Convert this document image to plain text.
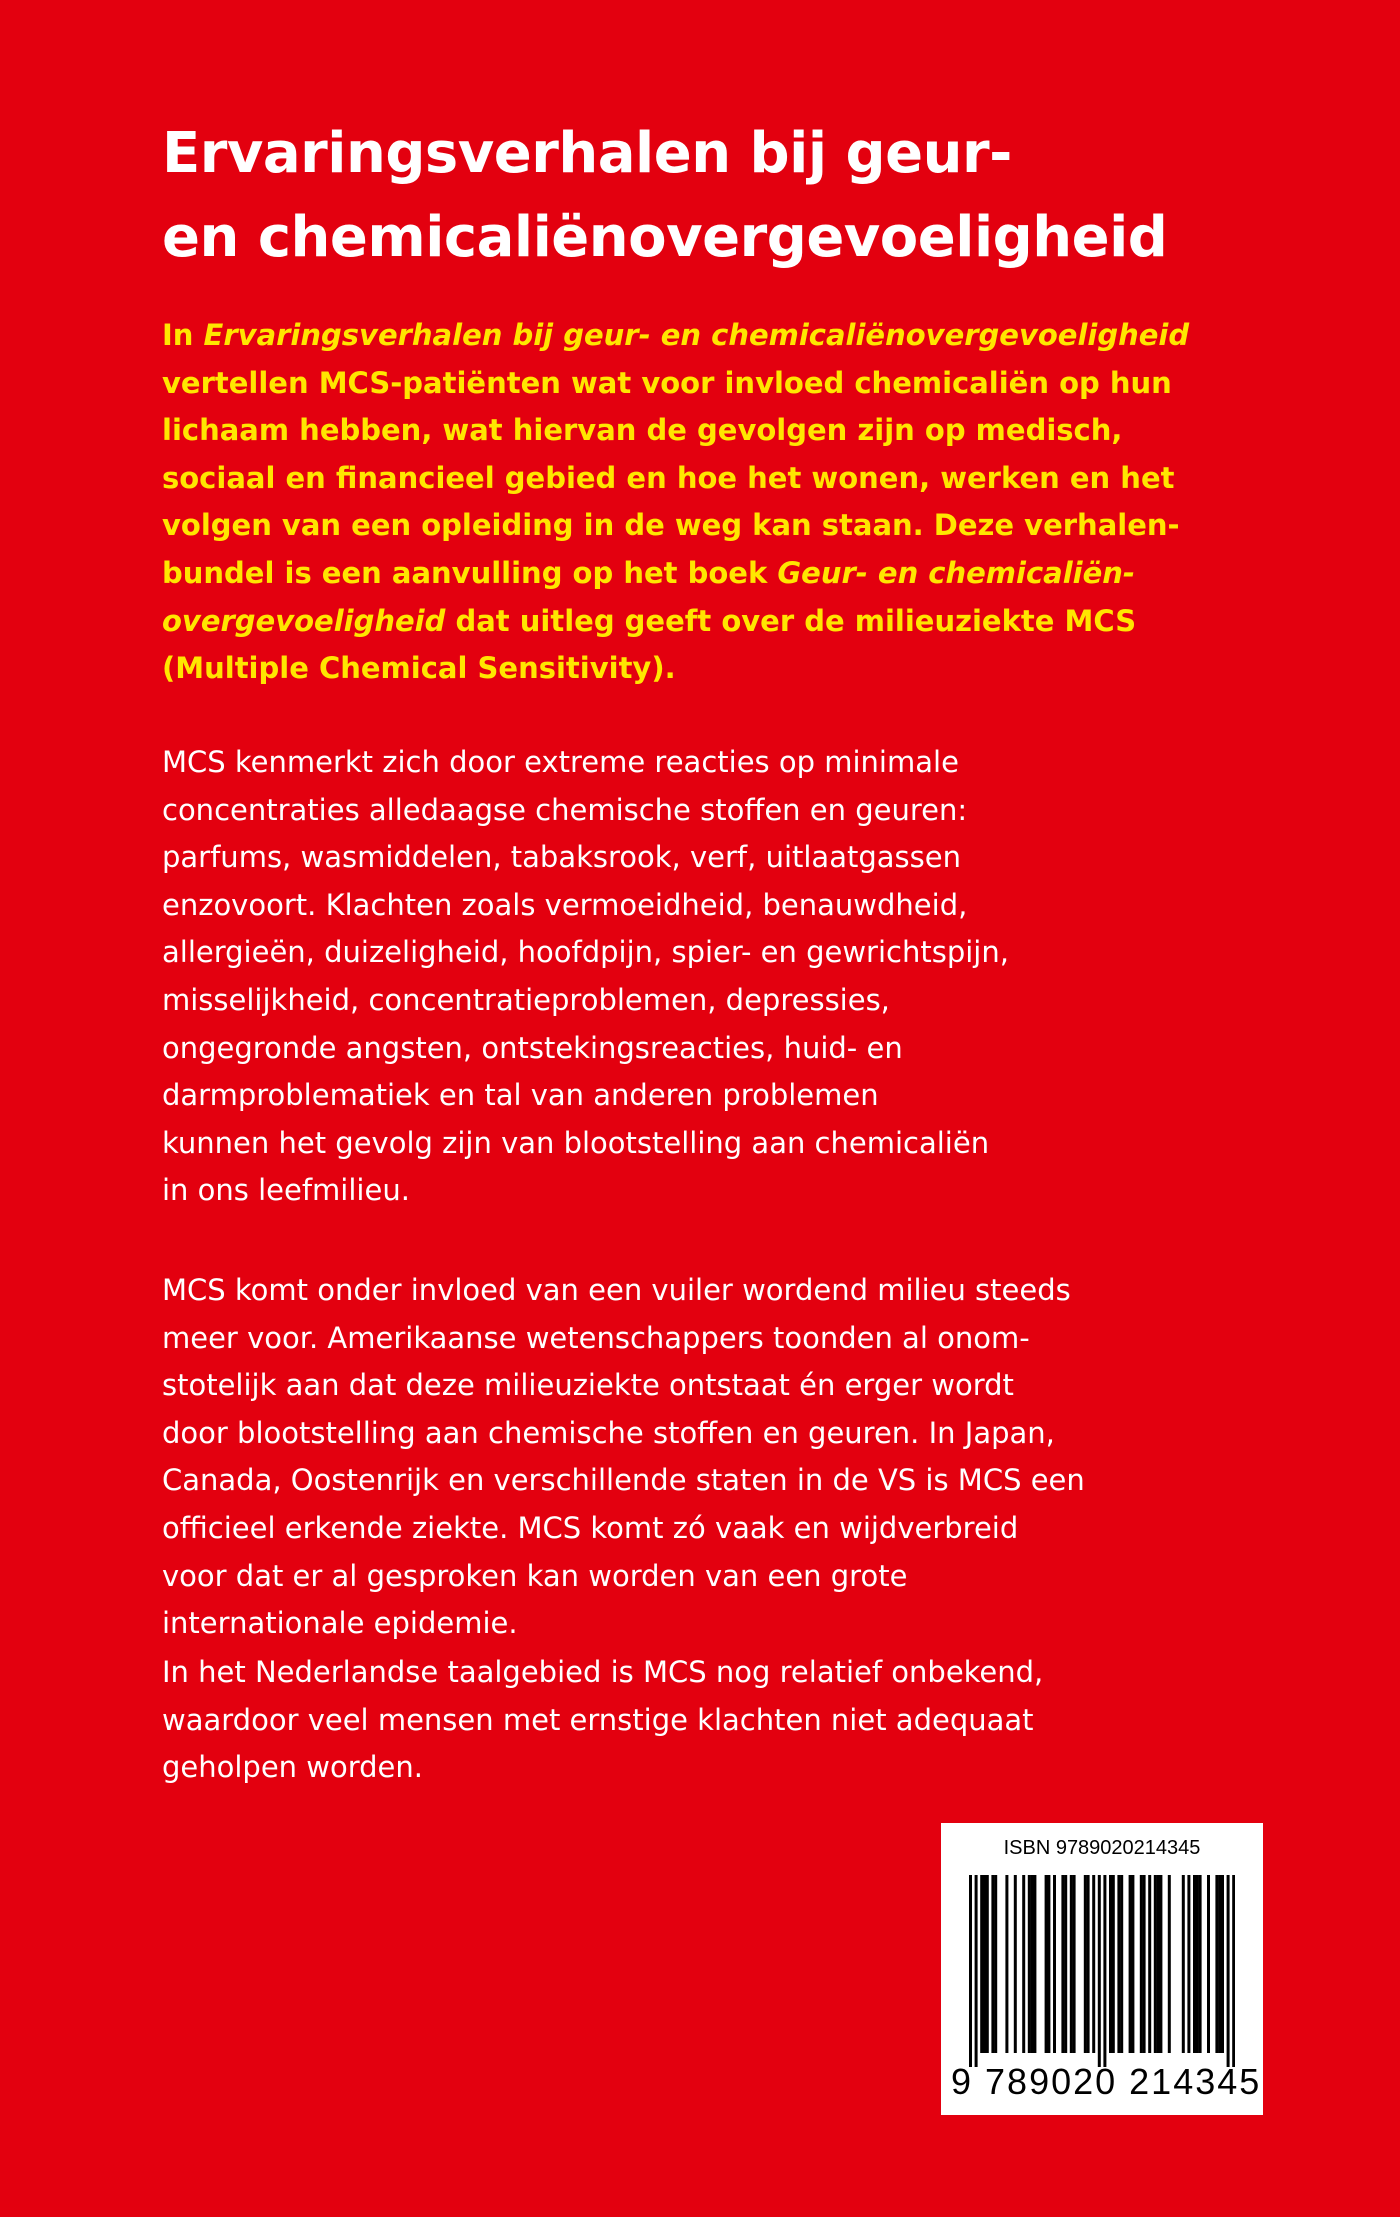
Ervaringsverhalen bij geur-
en chemicaliënovergevoeligheid
In Ervaringsverhalen bij geur- en chemicaliënovergevoeligheid
vertellen MCS-patiënten wat voor invloed chemicaliën op hun
lichaam hebben, wat hiervan de gevolgen zijn op medisch,
sociaal en financieel gebied en hoe het wonen, werken en het
volgen van een opleiding in de weg kan staan. Deze verhalen-
bundel is een aanvulling op het boek Geur- en chemicaliën-
overgevoeligheid dat uitleg geeft over de milieuziekte MCS
(Multiple Chemical Sensitivity).
MCS kenmerkt zich door extreme reacties op minimale
concentraties alledaagse chemische stoffen en geuren:
parfums, wasmiddelen, tabaksrook, verf, uitlaatgassen
enzovoort. Klachten zoals vermoeidheid, benauwdheid,
allergieën, duizeligheid, hoofdpijn, spier- en gewrichtspijn,
misselijkheid, concentratieproblemen, depressies,
ongegronde angsten, ontstekingsreacties, huid- en
darmproblematiek en tal van anderen problemen
kunnen het gevolg zijn van blootstelling aan chemicaliën
in ons leefmilieu.
MCS komt onder invloed van een vuiler wordend milieu steeds
meer voor. Amerikaanse wetenschappers toonden al onom-
stotelijk aan dat deze milieuziekte ontstaat én erger wordt
door blootstelling aan chemische stoffen en geuren. In Japan,
Canada, Oostenrijk en verschillende staten in de VS is MCS een
officieel erkende ziekte. MCS komt zó vaak en wijdverbreid
voor dat er al gesproken kan worden van een grote
internationale epidemie.
In het Nederlandse taalgebied is MCS nog relatief onbekend,
waardoor veel mensen met ernstige klachten niet adequaat
geholpen worden.
ISBN 9789020214345
9 789020 214345
